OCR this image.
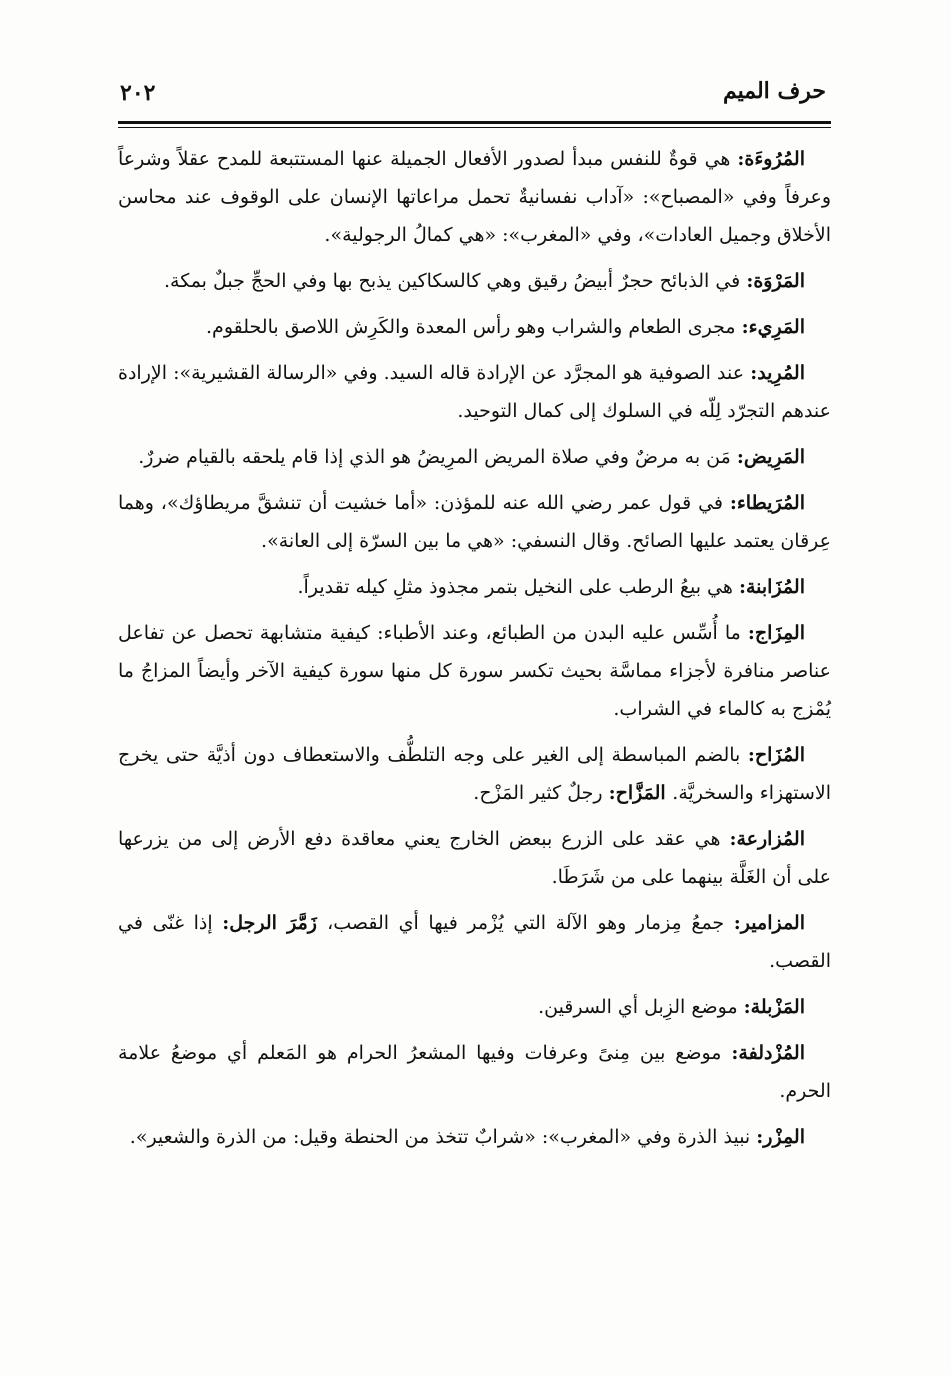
حرف الميم
٢٠٢

المُرُوءَة: هي قوةٌ للنفس مبدأ لصدور الأفعال الجميلة عنها المستتبعة للمدح عقلاً وشرعاً وعرفاً وفي «المصباح»: «آداب نفسانيةٌ تحمل مراعاتها الإنسان على الوقوف عند محاسن الأخلاق وجميل العادات»، وفي «المغرب»: «هي كمالُ الرجولية».

المَرْوَة: في الذبائح حجرٌ أبيضُ رقيق وهي كالسكاكين يذبح بها وفي الحجِّ جبلٌ بمكة.

المَرِيء: مجرى الطعام والشراب وهو رأس المعدة والكَرِش اللاصق بالحلقوم.

المُرِيد: عند الصوفية هو المجرَّد عن الإرادة قاله السيد. وفي «الرسالة القشيرية»: الإرادة عندهم التجرّد لِلّه في السلوك إلى كمال التوحيد.

المَرِيض: مَن به مرضٌ وفي صلاة المريض المرِيضُ هو الذي إذا قام يلحقه بالقيام ضررٌ.

المُرَيطاء: في قول عمر رضي الله عنه للمؤذن: «أما خشيت أن تنشقَّ مريطاؤك»، وهما عِرقان يعتمد عليها الصائح. وقال النسفي: «هي ما بين السرّة إلى العانة».

المُزَابنة: هي بيعُ الرطب على النخيل بتمر مجذوذ مثلِ كيله تقديراً.

المِزَاج: ما أُسِّس عليه البدن من الطبائع، وعند الأطباء: كيفية متشابهة تحصل عن تفاعل عناصر منافرة لأجزاء مماسَّة بحيث تكسر سورة كل منها سورة كيفية الآخر وأيضاً المزاجُ ما يُمْزج به كالماء في الشراب.

المُزَاح: بالضم المباسطة إلى الغير على وجه التلطُّف والاستعطاف دون أذيَّة حتى يخرج الاستهزاء والسخريَّة. المَزَّاح: رجلٌ كثير المَزْح.

المُزارعة: هي عقد على الزرع ببعض الخارج يعني معاقدة دفع الأرض إلى من يزرعها على أن الغَلَّة بينهما على من شَرَطَا.

المزامير: جمعُ مِزمار وهو الآلة التي يُزْمر فيها أي القصب، زَمَّرَ الرجل: إذا غنّى في القصب.

المَزْبلة: موضع الزِبل أي السرقين.

المُزْدلفة: موضع بين مِنىً وعرفات وفيها المشعرُ الحرام هو المَعلم أي موضعُ علامة الحرم.

المِزْر: نبيذ الذرة وفي «المغرب»: «شرابٌ تتخذ من الحنطة وقيل: من الذرة والشعير».
